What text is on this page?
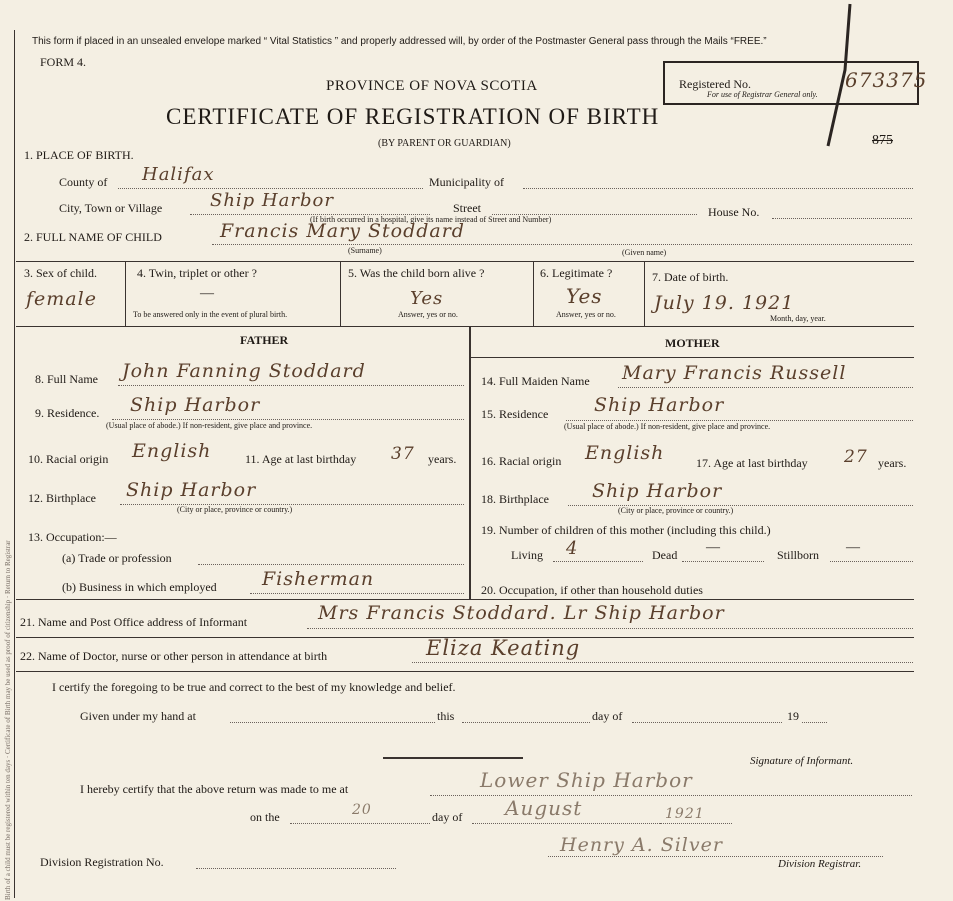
Birth of a child must be registered within ten days · Certificate of Birth may be used as proof of citizenship · Return to Registrar
This form if placed in an unsealed envelope marked “ Vital Statistics ” and properly addressed will, by order of the Postmaster General pass through the Mails “FREE.”
FORM 4.
PROVINCE OF NOVA SCOTIA
CERTIFICATE OF REGISTRATION OF BIRTH
(BY PARENT OR GUARDIAN)
Registered No.	673375
For use of Registrar General only.
875
1. PLACE OF BIRTH.
County of Halifax	Municipality of
City, Town or Village	Ship Harbor	Street	House No.
(If birth occurred in a hospital, give its name instead of Street and Number)
2. FULL NAME OF CHILD	Francis Mary Stoddard
(Surname)	(Given name)
3. Sex of child.
female
4. Twin, triplet or other ?
—
To be answered only in the event of plural birth.
5. Was the child born alive ?
Yes
Answer, yes or no.
6. Legitimate ?
Yes
Answer, yes or no.
7. Date of birth.
July 19. 1921
Month, day, year.
FATHER
8. Full Name John Fanning Stoddard
9. Residence. Ship Harbor
(Usual place of abode.) If non-resident, give place and province.
10. Racial origin English	11. Age at last birthday 37 years.
12. Birthplace Ship Harbor
(City or place, province or country.)
13. Occupation:—
(a) Trade or profession
(b) Business in which employed Fisherman
MOTHER
14. Full Maiden Name Mary Francis Russell
15. Residence Ship Harbor
(Usual place of abode.) If non-resident, give place and province.
16. Racial origin English	17. Age at last birthday 27 years.
18. Birthplace Ship Harbor
(City or place, province or country.)
19. Number of children of this mother (including this child.)
Living 4	Dead —	Stillborn —
20. Occupation, if other than household duties
21. Name and Post Office address of Informant	Mrs Francis Stoddard. Lr Ship Harbor
22. Name of Doctor, nurse or other person in attendance at birth	Eliza Keating
I certify the foregoing to be true and correct to the best of my knowledge and belief.
Given under my hand at	this	day of	19
Signature of Informant.
I hereby certify that the above return was made to me at	Lower Ship Harbor
on the	20	day of August	1921
Division Registration No.
Henry A. Silver
Division Registrar.
